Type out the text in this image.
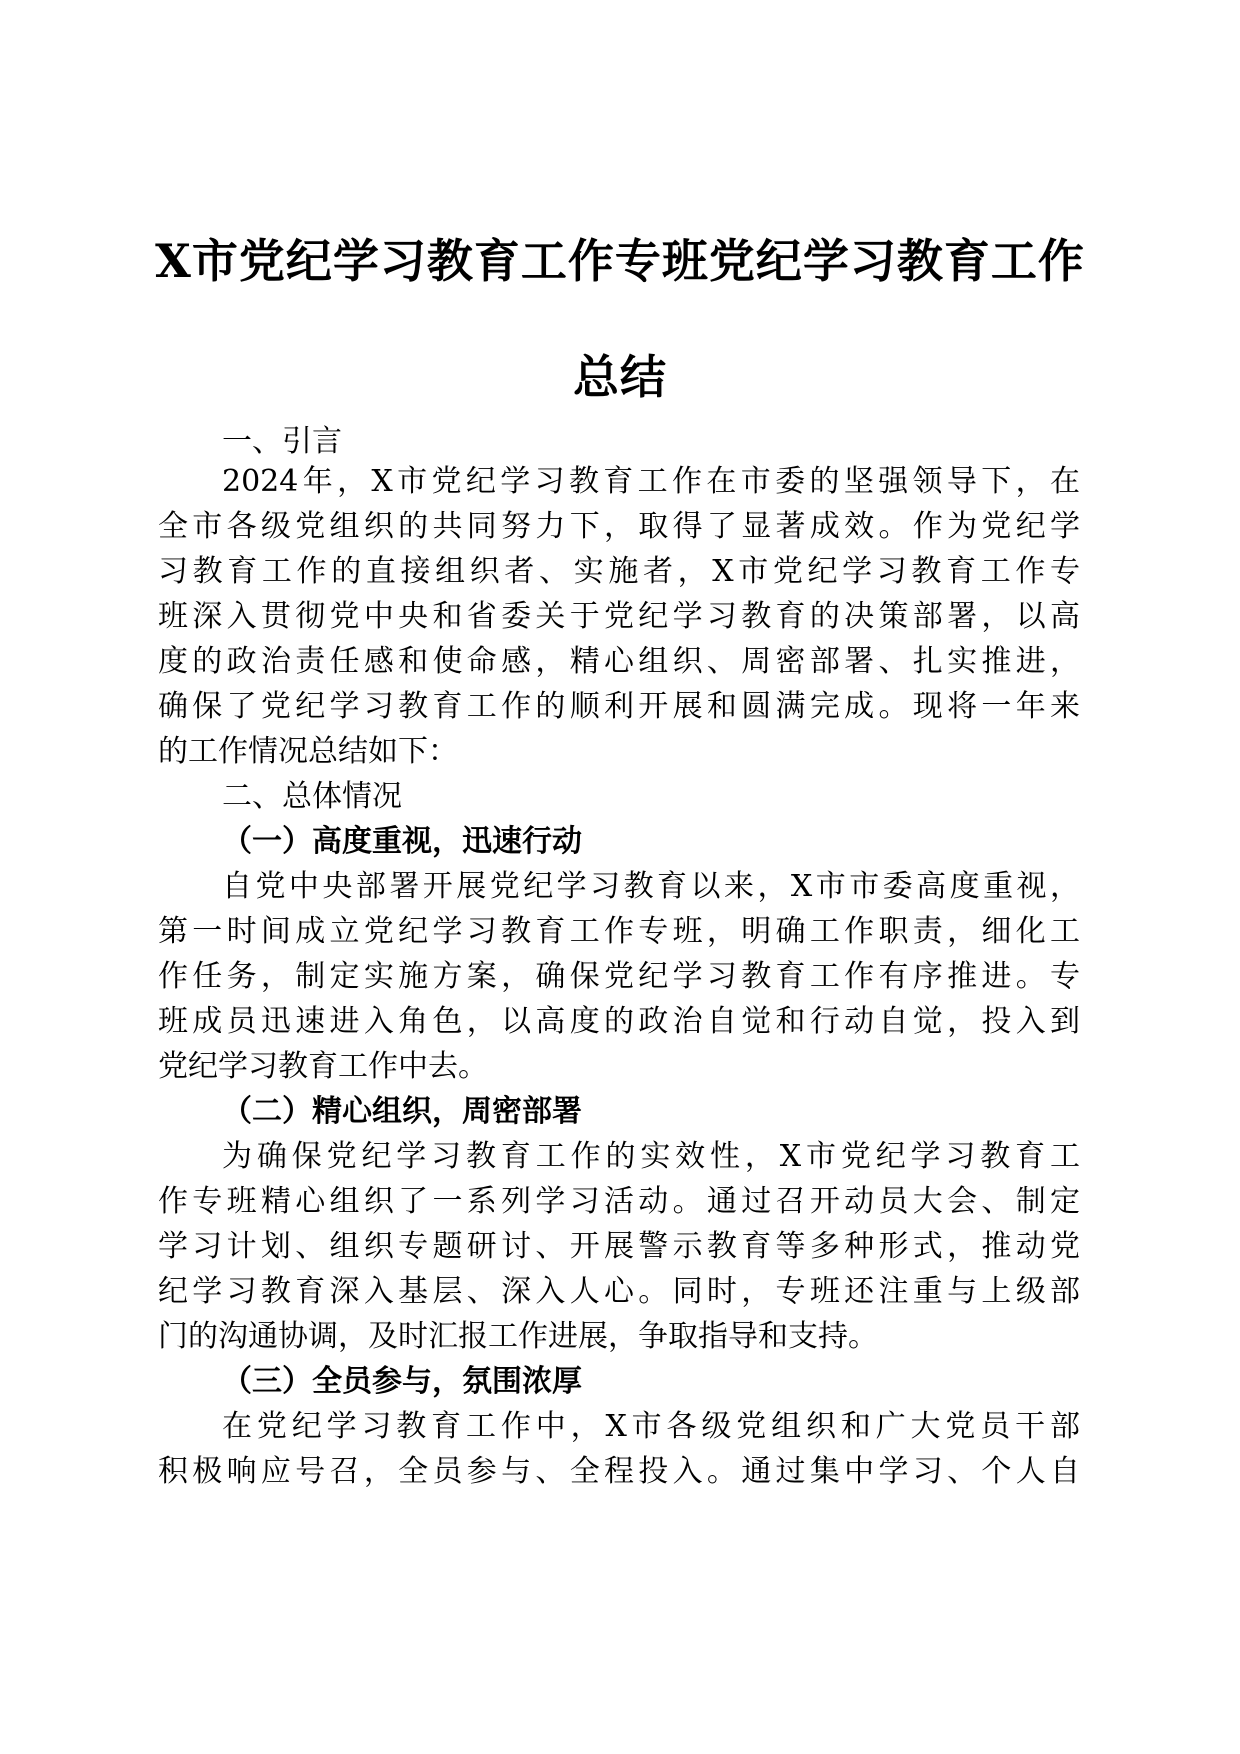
X市党纪学习教育工作专班党纪学习教育工作
总结

一、引言

2024年，X市党纪学习教育工作在市委的坚强领导下，在

全市各级党组织的共同努力下，取得了显著成效。作为党纪学

习教育工作的直接组织者、实施者，X市党纪学习教育工作专

班深入贯彻党中央和省委关于党纪学习教育的决策部署，以高

度的政治责任感和使命感，精心组织、周密部署、扎实推进，

确保了党纪学习教育工作的顺利开展和圆满完成。现将一年来

的工作情况总结如下：

二、总体情况

（一）高度重视，迅速行动

自党中央部署开展党纪学习教育以来，X市市委高度重视，

第一时间成立党纪学习教育工作专班，明确工作职责，细化工

作任务，制定实施方案，确保党纪学习教育工作有序推进。专

班成员迅速进入角色，以高度的政治自觉和行动自觉，投入到

党纪学习教育工作中去。

（二）精心组织，周密部署

为确保党纪学习教育工作的实效性，X市党纪学习教育工

作专班精心组织了一系列学习活动。通过召开动员大会、制定

学习计划、组织专题研讨、开展警示教育等多种形式，推动党

纪学习教育深入基层、深入人心。同时，专班还注重与上级部

门的沟通协调，及时汇报工作进展，争取指导和支持。

（三）全员参与，氛围浓厚

在党纪学习教育工作中，X市各级党组织和广大党员干部

积极响应号召，全员参与、全程投入。通过集中学习、个人自
